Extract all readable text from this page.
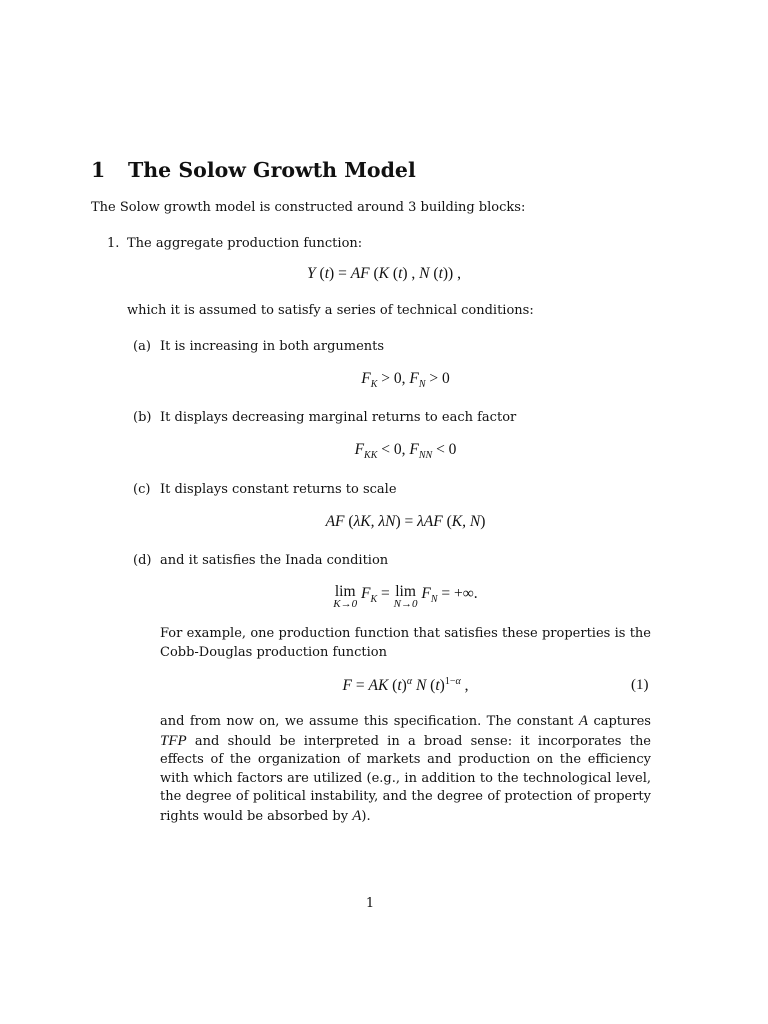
1 The Solow Growth Model
The Solow growth model is constructed around 3 building blocks:
1. The aggregate production function:
Y (t) = AF (K (t) , N (t)) ,
which it is assumed to satisfy a series of technical conditions:
(a) It is increasing in both arguments
$F_K > 0$, $F_N > 0$
(b) It displays decreasing marginal returns to each factor
$F_{KK} < 0$, $F_{NN} < 0$
(c) It displays constant returns to scale
AF (λK, λN) = λAF (K, N)
(d) and it satisfies the Inada condition
lim
K→0
$F_K = \lim$
N→0
$F_N$ = +∞.
For example, one production function that satisfies these properties is the Cobb-Douglas production function
F = AK $(t)^\alpha$ N $(t)^{1-\alpha}$ ,	(1)
and from now on, we assume this specification. The constant A captures TFP and should be interpreted in a broad sense: it incorporates the effects of the organization of markets and production on the efficiency with which factors are utilized (e.g., in addition to the technological level, the degree of political instability, and the degree of protection of property rights would be absorbed by A).
1
